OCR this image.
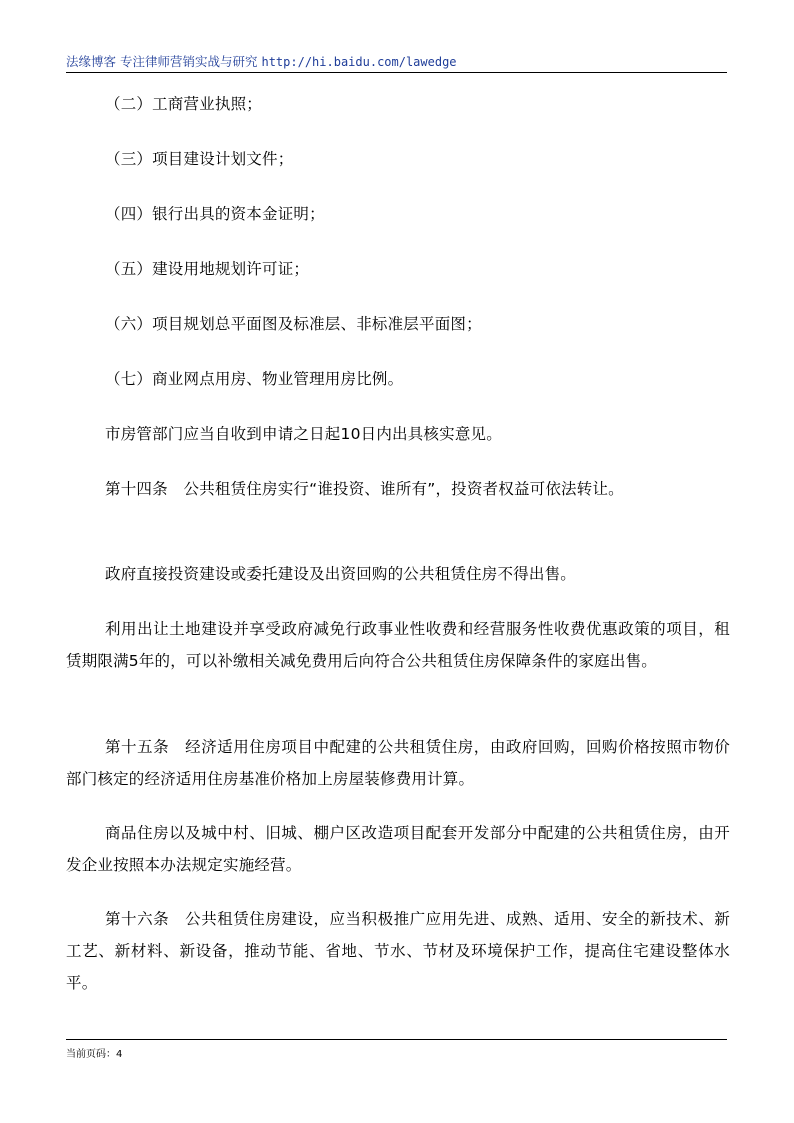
法缘博客 专注律师营销实战与研究 http://hi.baidu.com/lawedge

（二）工商营业执照；

（三）项目建设计划文件；

（四）银行出具的资本金证明；

（五）建设用地规划许可证；

（六）项目规划总平面图及标准层、非标准层平面图；

（七）商业网点用房、物业管理用房比例。

市房管部门应当自收到申请之日起10日内出具核实意见。

第十四条　公共租赁住房实行“谁投资、谁所有”，投资者权益可依法转让。

政府直接投资建设或委托建设及出资回购的公共租赁住房不得出售。

利用出让土地建设并享受政府减免行政事业性收费和经营服务性收费优惠政策的项目，租赁期限满5年的，可以补缴相关减免费用后向符合公共租赁住房保障条件的家庭出售。

第十五条　经济适用住房项目中配建的公共租赁住房，由政府回购，回购价格按照市物价部门核定的经济适用住房基准价格加上房屋装修费用计算。

商品住房以及城中村、旧城、棚户区改造项目配套开发部分中配建的公共租赁住房，由开发企业按照本办法规定实施经营。

第十六条　公共租赁住房建设，应当积极推广应用先进、成熟、适用、安全的新技术、新工艺、新材料、新设备，推动节能、省地、节水、节材及环境保护工作，提高住宅建设整体水平。

当前页码：4
